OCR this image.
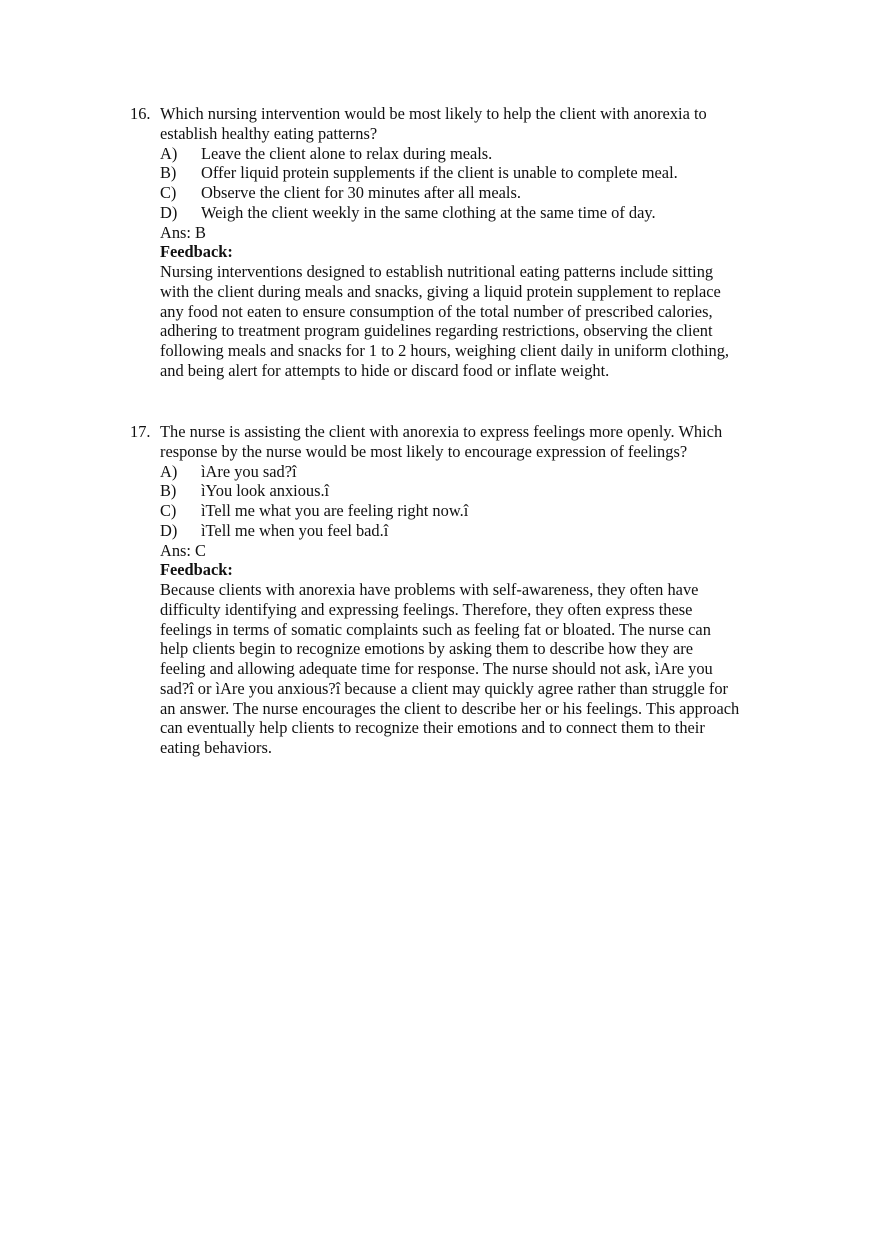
16. Which nursing intervention would be most likely to help the client with anorexia to
establish healthy eating patterns?
A) Leave the client alone to relax during meals.
B) Offer liquid protein supplements if the client is unable to complete meal.
C) Observe the client for 30 minutes after all meals.
D) Weigh the client weekly in the same clothing at the same time of day.
Ans: B
Feedback:
Nursing interventions designed to establish nutritional eating patterns include sitting
with the client during meals and snacks, giving a liquid protein supplement to replace
any food not eaten to ensure consumption of the total number of prescribed calories,
adhering to treatment program guidelines regarding restrictions, observing the client
following meals and snacks for 1 to 2 hours, weighing client daily in uniform clothing,
and being alert for attempts to hide or discard food or inflate weight.
17. The nurse is assisting the client with anorexia to express feelings more openly. Which
response by the nurse would be most likely to encourage expression of feelings?
A) ìAre you sad?î
B) ìYou look anxious.î
C) ìTell me what you are feeling right now.î
D) ìTell me when you feel bad.î
Ans: C
Feedback:
Because clients with anorexia have problems with self-awareness, they often have
difficulty identifying and expressing feelings. Therefore, they often express these
feelings in terms of somatic complaints such as feeling fat or bloated. The nurse can
help clients begin to recognize emotions by asking them to describe how they are
feeling and allowing adequate time for response. The nurse should not ask, ìAre you
sad?î or ìAre you anxious?î because a client may quickly agree rather than struggle for
an answer. The nurse encourages the client to describe her or his feelings. This approach
can eventually help clients to recognize their emotions and to connect them to their
eating behaviors.
